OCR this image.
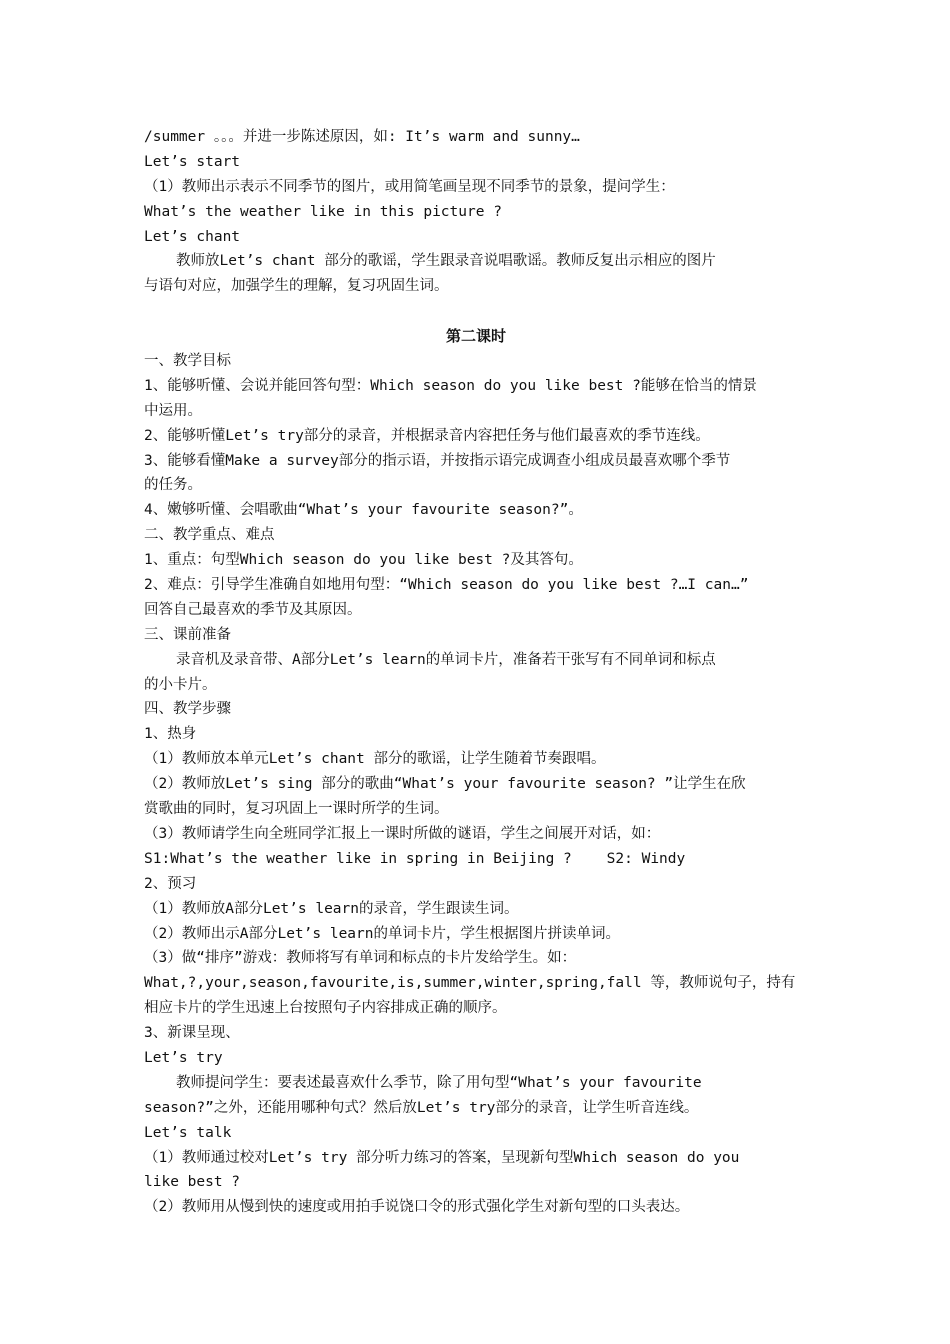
/summer 。。。并进一步陈述原因，如: It’s warm and sunny…

Let’s start

（1）教师出示表示不同季节的图片，或用简笔画呈现不同季节的景象，提问学生：

What’s the weather like in this picture ?

Let’s chant

教师放Let’s chant 部分的歌谣，学生跟录音说唱歌谣。教师反复出示相应的图片

与语句对应，加强学生的理解，复习巩固生词。

第二课时

一、教学目标

1、能够听懂、会说并能回答句型：Which season do you like best ?能够在恰当的情景

中运用。

2、能够听懂Let’s try部分的录音，并根据录音内容把任务与他们最喜欢的季节连线。

3、能够看懂Make a survey部分的指示语，并按指示语完成调查小组成员最喜欢哪个季节

的任务。

4、嫩够听懂、会唱歌曲“What’s your favourite season?”。

二、教学重点、难点

1、重点：句型Which season do you like best ?及其答句。

2、难点：引导学生准确自如地用句型：“Which season do you like best ?…I can…”

回答自己最喜欢的季节及其原因。

三、课前准备

录音机及录音带、A部分Let’s learn的单词卡片，准备若干张写有不同单词和标点

的小卡片。

四、教学步骤

1、热身

（1）教师放本单元Let’s chant 部分的歌谣，让学生随着节奏跟唱。

（2）教师放Let’s sing 部分的歌曲“What’s your favourite season? ”让学生在欣

赏歌曲的同时，复习巩固上一课时所学的生词。

（3）教师请学生向全班同学汇报上一课时所做的谜语，学生之间展开对话，如：

S1:What’s the weather like in spring in Beijing ?    S2: Windy

2、预习

（1）教师放A部分Let’s learn的录音，学生跟读生词。

（2）教师出示A部分Let’s learn的单词卡片，学生根据图片拼读单词。

（3）做“排序”游戏：教师将写有单词和标点的卡片发给学生。如：

What,?,your,season,favourite,is,summer,winter,spring,fall 等，教师说句子，持有

相应卡片的学生迅速上台按照句子内容排成正确的顺序。

3、新课呈现、

Let’s try

教师提问学生：要表述最喜欢什么季节，除了用句型“What’s your favourite

season?”之外，还能用哪种句式？然后放Let’s try部分的录音，让学生听音连线。

Let’s talk

（1）教师通过校对Let’s try 部分听力练习的答案，呈现新句型Which season do you

like best ?

（2）教师用从慢到快的速度或用拍手说饶口令的形式强化学生对新句型的口头表达。
